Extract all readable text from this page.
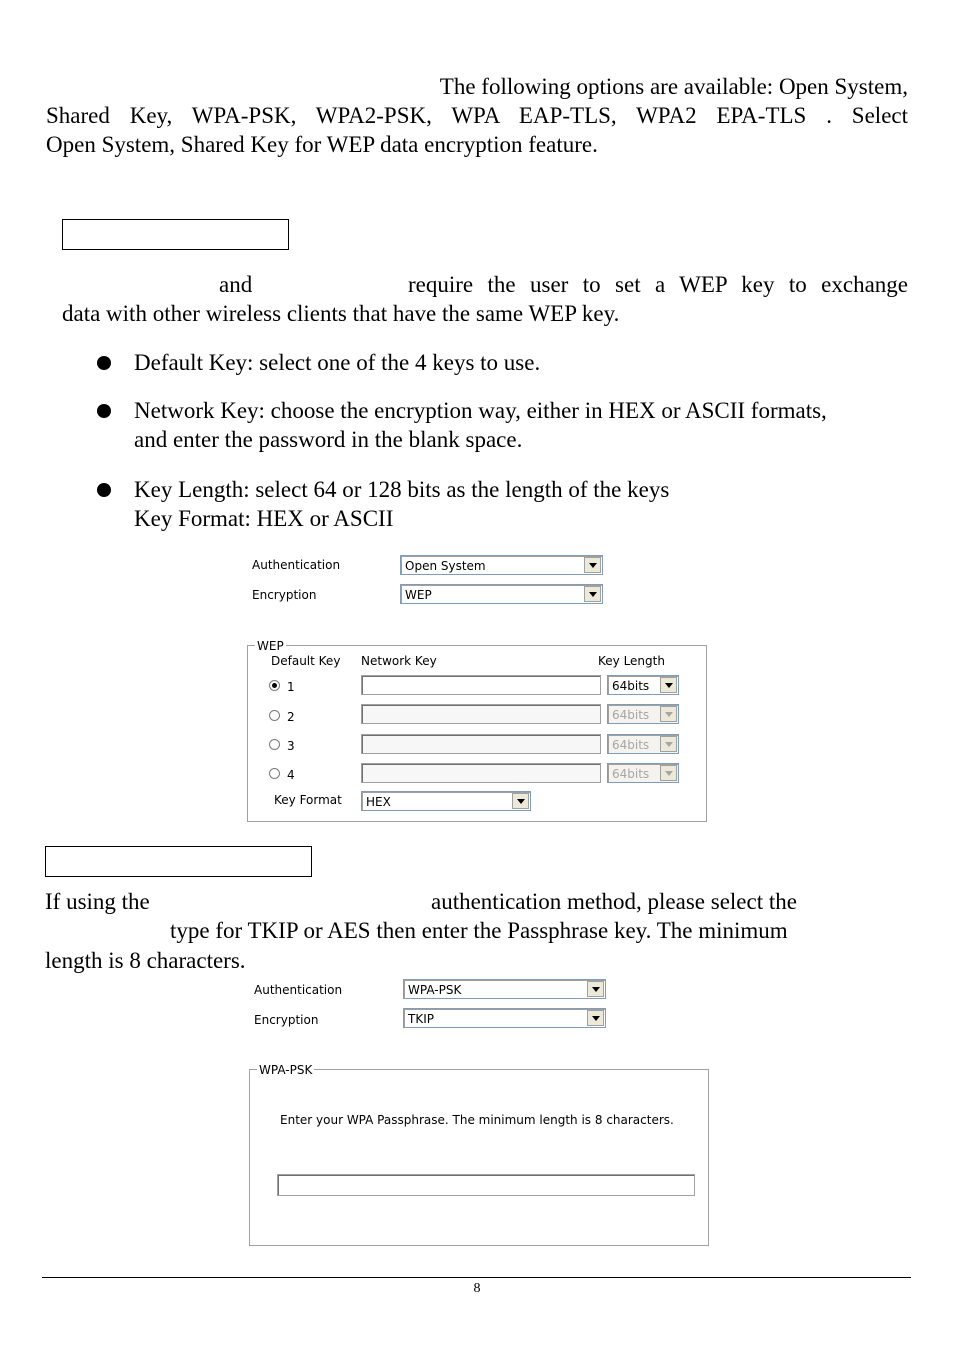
The following options are available: Open System,
Shared Key, WPA-PSK, WPA2-PSK, WPA EAP-TLS, WPA2 EPA-TLS . Select
Open System, Shared Key for WEP data encryption feature.
and	require the user to set a WEP key to exchange
data with other wireless clients that have the same WEP key.
Default Key: select one of the 4 keys to use.
Network Key: choose the encryption way, either in HEX or ASCII formats,
and enter the password in the blank space.
Key Length: select 64 or 128 bits as the length of the keys
Key Format: HEX or ASCII
Authentication	Open System
Encryption	WEP
WEP
Default Key Network Key	Key Length
1	64bits
2	64bits
3	64bits
4	64bits
Key Format HEX
If using the	authentication method, please select the
type for TKIP or AES then enter the Passphrase key. The minimum
length is 8 characters.
Authentication	WPA-PSK
Encryption	TKIP
WPA-PSK
Enter your WPA Passphrase. The minimum length is 8 characters.
8
